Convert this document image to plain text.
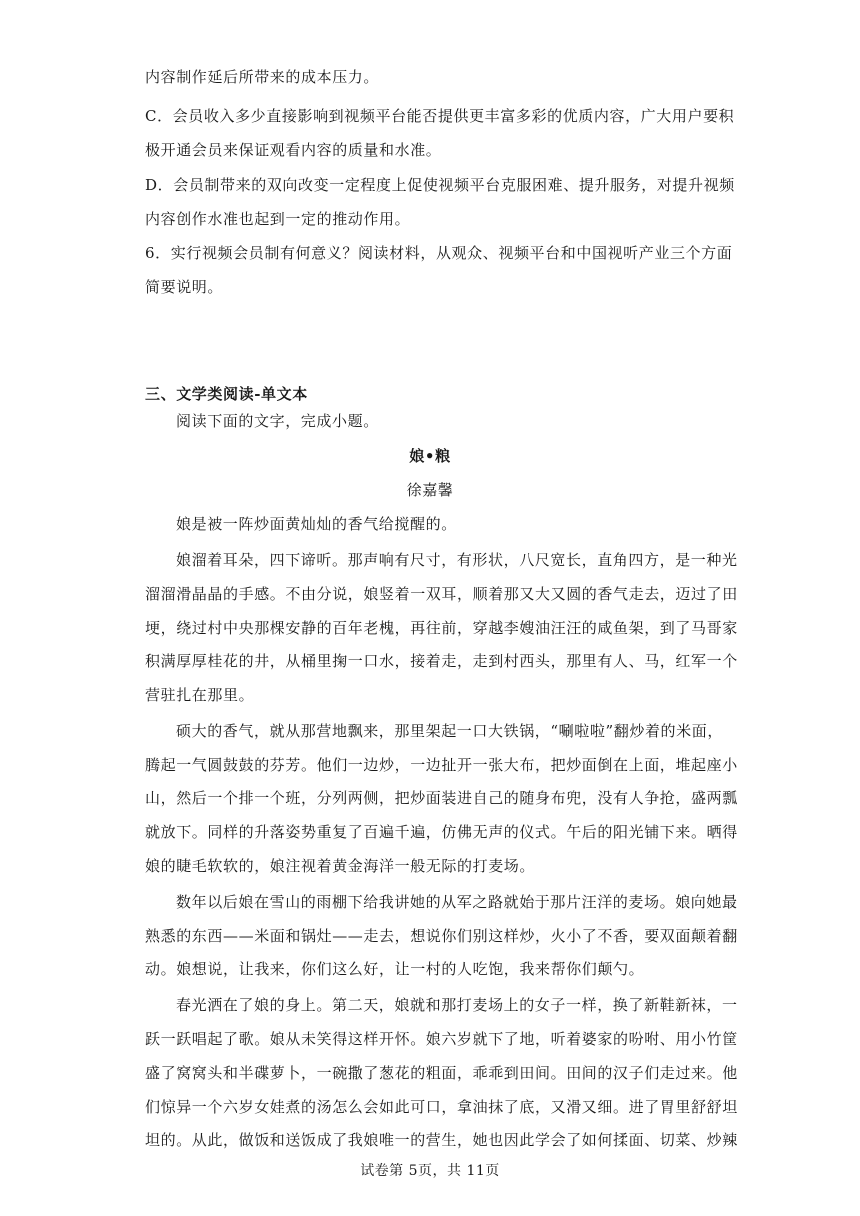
内容制作延后所带来的成本压力。
C．会员收入多少直接影响到视频平台能否提供更丰富多彩的优质内容，广大用户要积
极开通会员来保证观看内容的质量和水准。
D．会员制带来的双向改变一定程度上促使视频平台克服困难、提升服务，对提升视频
内容创作水准也起到一定的推动作用。
6．实行视频会员制有何意义？阅读材料，从观众、视频平台和中国视听产业三个方面
简要说明。
三、文学类阅读-单文本
阅读下面的文字，完成小题。
娘•粮
徐嘉馨
娘是被一阵炒面黄灿灿的香气给搅醒的。
娘溜着耳朵，四下谛听。那声响有尺寸，有形状，八尺宽长，直角四方，是一种光
溜溜滑晶晶的手感。不由分说，娘竖着一双耳，顺着那又大又圆的香气走去，迈过了田
埂，绕过村中央那棵安静的百年老槐，再往前，穿越李嫂油汪汪的咸鱼架，到了马哥家
积满厚厚桂花的井，从桶里掬一口水，接着走，走到村西头，那里有人、马，红军一个
营驻扎在那里。
硕大的香气，就从那营地飘来，那里架起一口大铁锅，“唰啦啦”翻炒着的米面，
腾起一气圆鼓鼓的芬芳。他们一边炒，一边扯开一张大布，把炒面倒在上面，堆起座小
山，然后一个排一个班，分列两侧，把炒面装进自己的随身布兜，没有人争抢，盛两瓢
就放下。同样的升落姿势重复了百遍千遍，仿佛无声的仪式。午后的阳光铺下来。晒得
娘的睫毛软软的，娘注视着黄金海洋一般无际的打麦场。
数年以后娘在雪山的雨棚下给我讲她的从军之路就始于那片汪洋的麦场。娘向她最
熟悉的东西——米面和锅灶——走去，想说你们别这样炒，火小了不香，要双面颠着翻
动。娘想说，让我来，你们这么好，让一村的人吃饱，我来帮你们颠勺。
春光洒在了娘的身上。第二天，娘就和那打麦场上的女子一样，换了新鞋新袜，一
跃一跃唱起了歌。娘从未笑得这样开怀。娘六岁就下了地，听着婆家的吩咐、用小竹筐
盛了窝窝头和半碟萝卜，一碗撒了葱花的粗面，乖乖到田间。田间的汉子们走过来。他
们惊异一个六岁女娃煮的汤怎么会如此可口，拿油抹了底，又滑又细。进了胃里舒舒坦
坦的。从此，做饭和送饭成了我娘唯一的营生，她也因此学会了如何揉面、切菜、炒辣
试卷第 5页，共 11页
